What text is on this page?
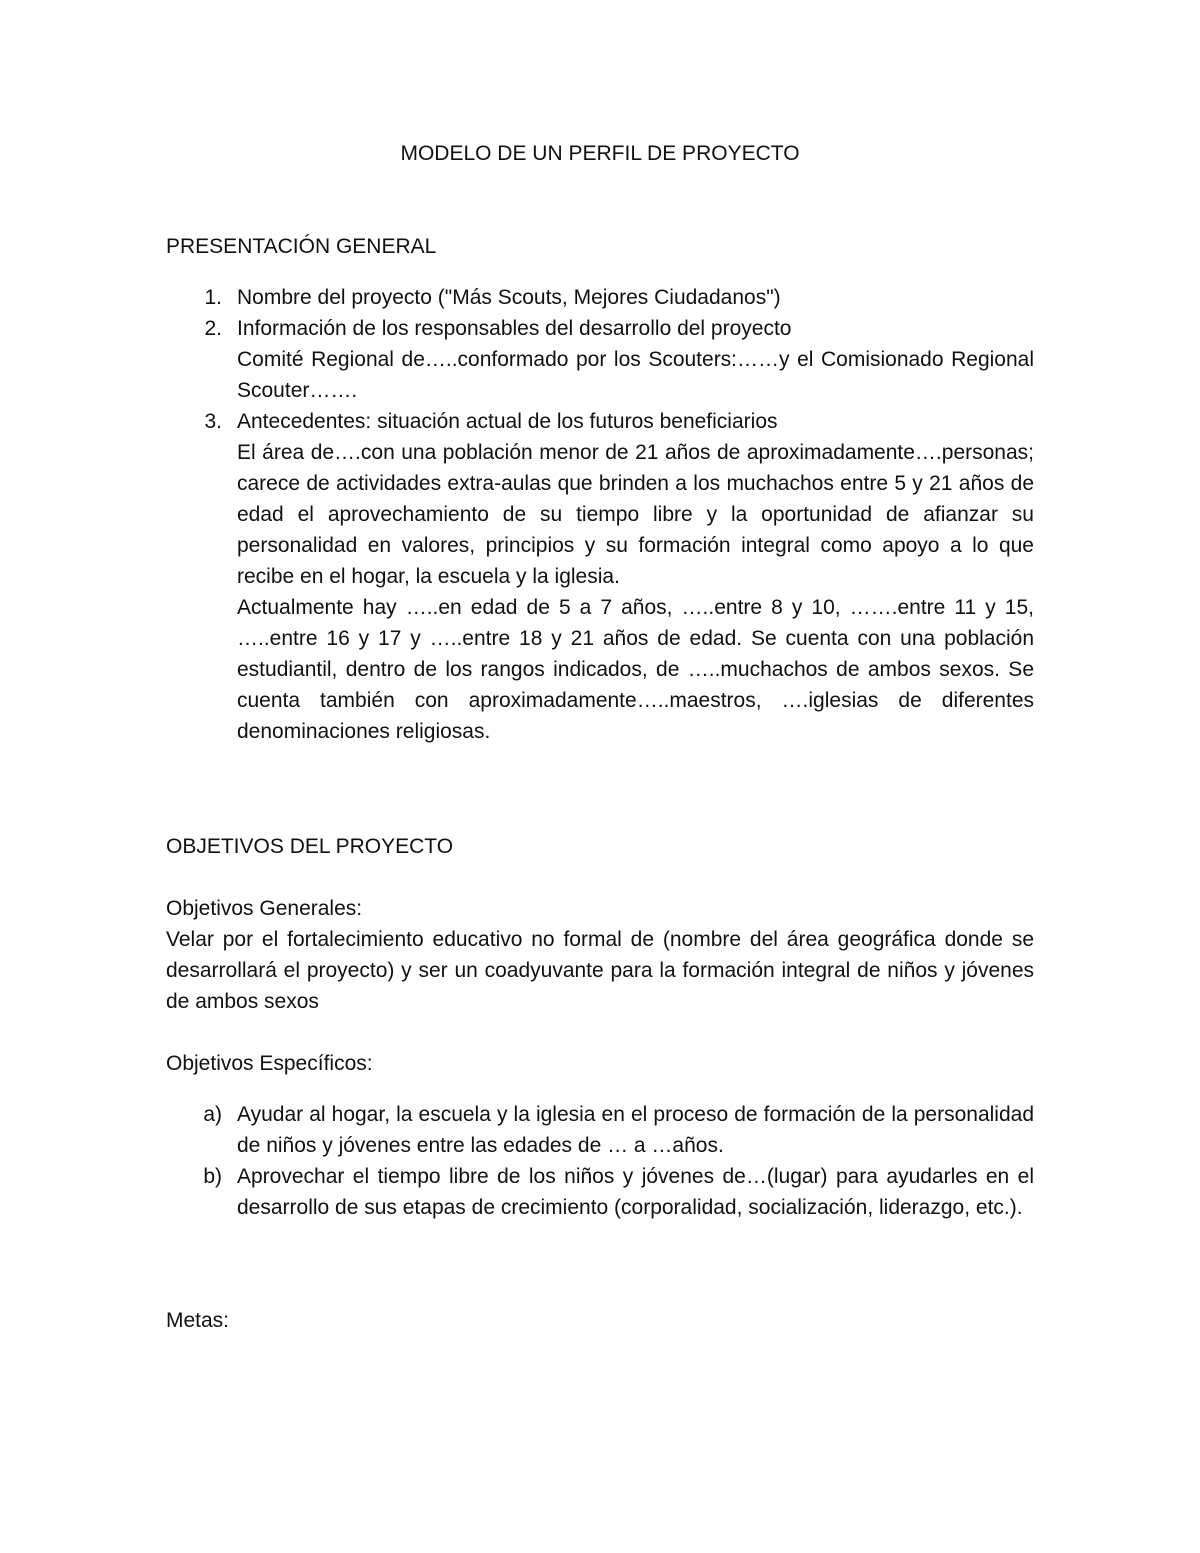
MODELO DE UN PERFIL DE PROYECTO
PRESENTACIÓN GENERAL
1. Nombre del proyecto ("Más Scouts, Mejores Ciudadanos")
2. Información de los responsables del desarrollo del proyecto
Comité Regional de…..conformado por los Scouters:……y el Comisionado Regional Scouter…….
3. Antecedentes: situación actual de los futuros beneficiarios
El área de….con una población menor de 21 años de aproximadamente….personas; carece de actividades extra-aulas que brinden a los muchachos entre 5 y 21 años de edad el aprovechamiento de su tiempo libre y la oportunidad de afianzar su personalidad en valores, principios y su formación integral como apoyo a lo que recibe en el hogar, la escuela y la iglesia.
Actualmente hay …..en edad de 5 a 7 años, …..entre 8 y 10, …….entre 11 y 15, …..entre 16 y 17 y …..entre 18 y 21 años de edad. Se cuenta con una población estudiantil, dentro de los rangos indicados, de …..muchachos de ambos sexos. Se cuenta también con aproximadamente…..maestros, ….iglesias de diferentes denominaciones religiosas.
OBJETIVOS DEL PROYECTO

Objetivos Generales:

Velar por el fortalecimiento educativo no formal de (nombre del área geográfica donde se desarrollará el proyecto) y ser un coadyuvante para la formación integral de niños y jóvenes de ambos sexos

Objetivos Específicos:

a) Ayudar al hogar, la escuela y la iglesia en el proceso de formación de la personalidad de niños y jóvenes entre las edades de … a …años.
b) Aprovechar el tiempo libre de los niños y jóvenes de…(lugar) para ayudarles en el desarrollo de sus etapas de crecimiento (corporalidad, socialización, liderazgo, etc.).

Metas:
